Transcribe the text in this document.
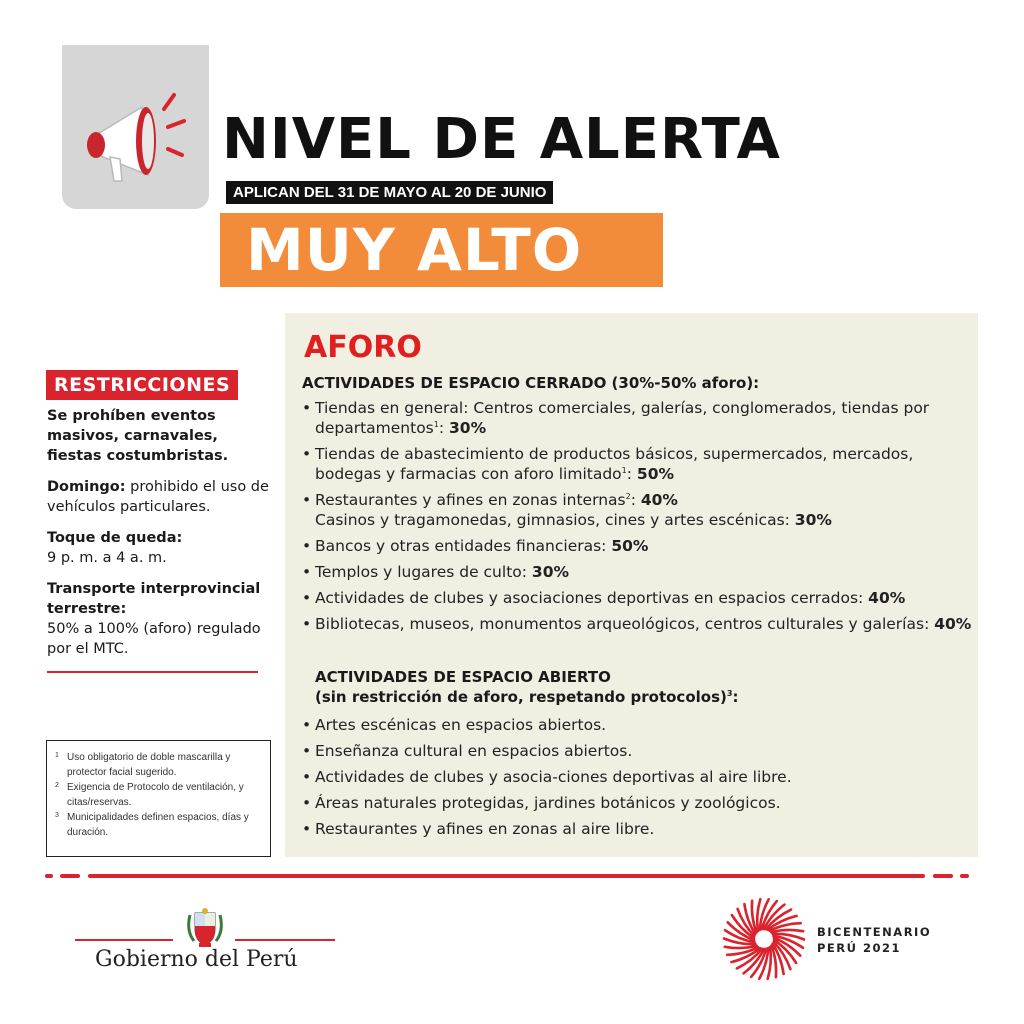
NIVEL DE ALERTA
APLICAN DEL 31 DE MAYO AL 20 DE JUNIO
MUY ALTO
RESTRICCIONES

Se prohíben eventos masivos, carnavales, fiestas costumbristas.

Domingo: prohibido el uso de vehículos particulares.

Toque de queda:
9 p. m. a 4 a. m.

Transporte interprovincial terrestre:
50% a 100% (aforo) regulado por el MTC.

1 Uso obligatorio de doble mascarilla y protector facial sugerido.
2 Exigencia de Protocolo de ventilación, y citas/reservas.
3 Municipalidades definen espacios, días y duración.
AFORO
ACTIVIDADES DE ESPACIO CERRADO (30%-50% aforo):
• Tiendas en general: Centros comerciales, galerías, conglomerados, tiendas por departamentos$^1$: 30%
• Tiendas de abastecimiento de productos básicos, supermercados, mercados, bodegas y farmacias con aforo limitado$^1$: 50%
• Restaurantes y afines en zonas internas$^2$: 40%
Casinos y tragamonedas, gimnasios, cines y artes escénicas: 30%
• Bancos y otras entidades financieras: 50%
• Templos y lugares de culto: 30%
• Actividades de clubes y asociaciones deportivas en espacios cerrados: 40%
• Bibliotecas, museos, monumentos arqueológicos, centros culturales y galerías: 40%
ACTIVIDADES DE ESPACIO ABIERTO
(sin restricción de aforo, respetando protocolos)$^3$:
• Artes escénicas en espacios abiertos.
• Enseñanza cultural en espacios abiertos.
• Actividades de clubes y asocia-ciones deportivas al aire libre.
• Áreas naturales protegidas, jardines botánicos y zoológicos.
• Restaurantes y afines en zonas al aire libre.
Gobierno del Perú
BICENTENARIO
PERÚ 2021
